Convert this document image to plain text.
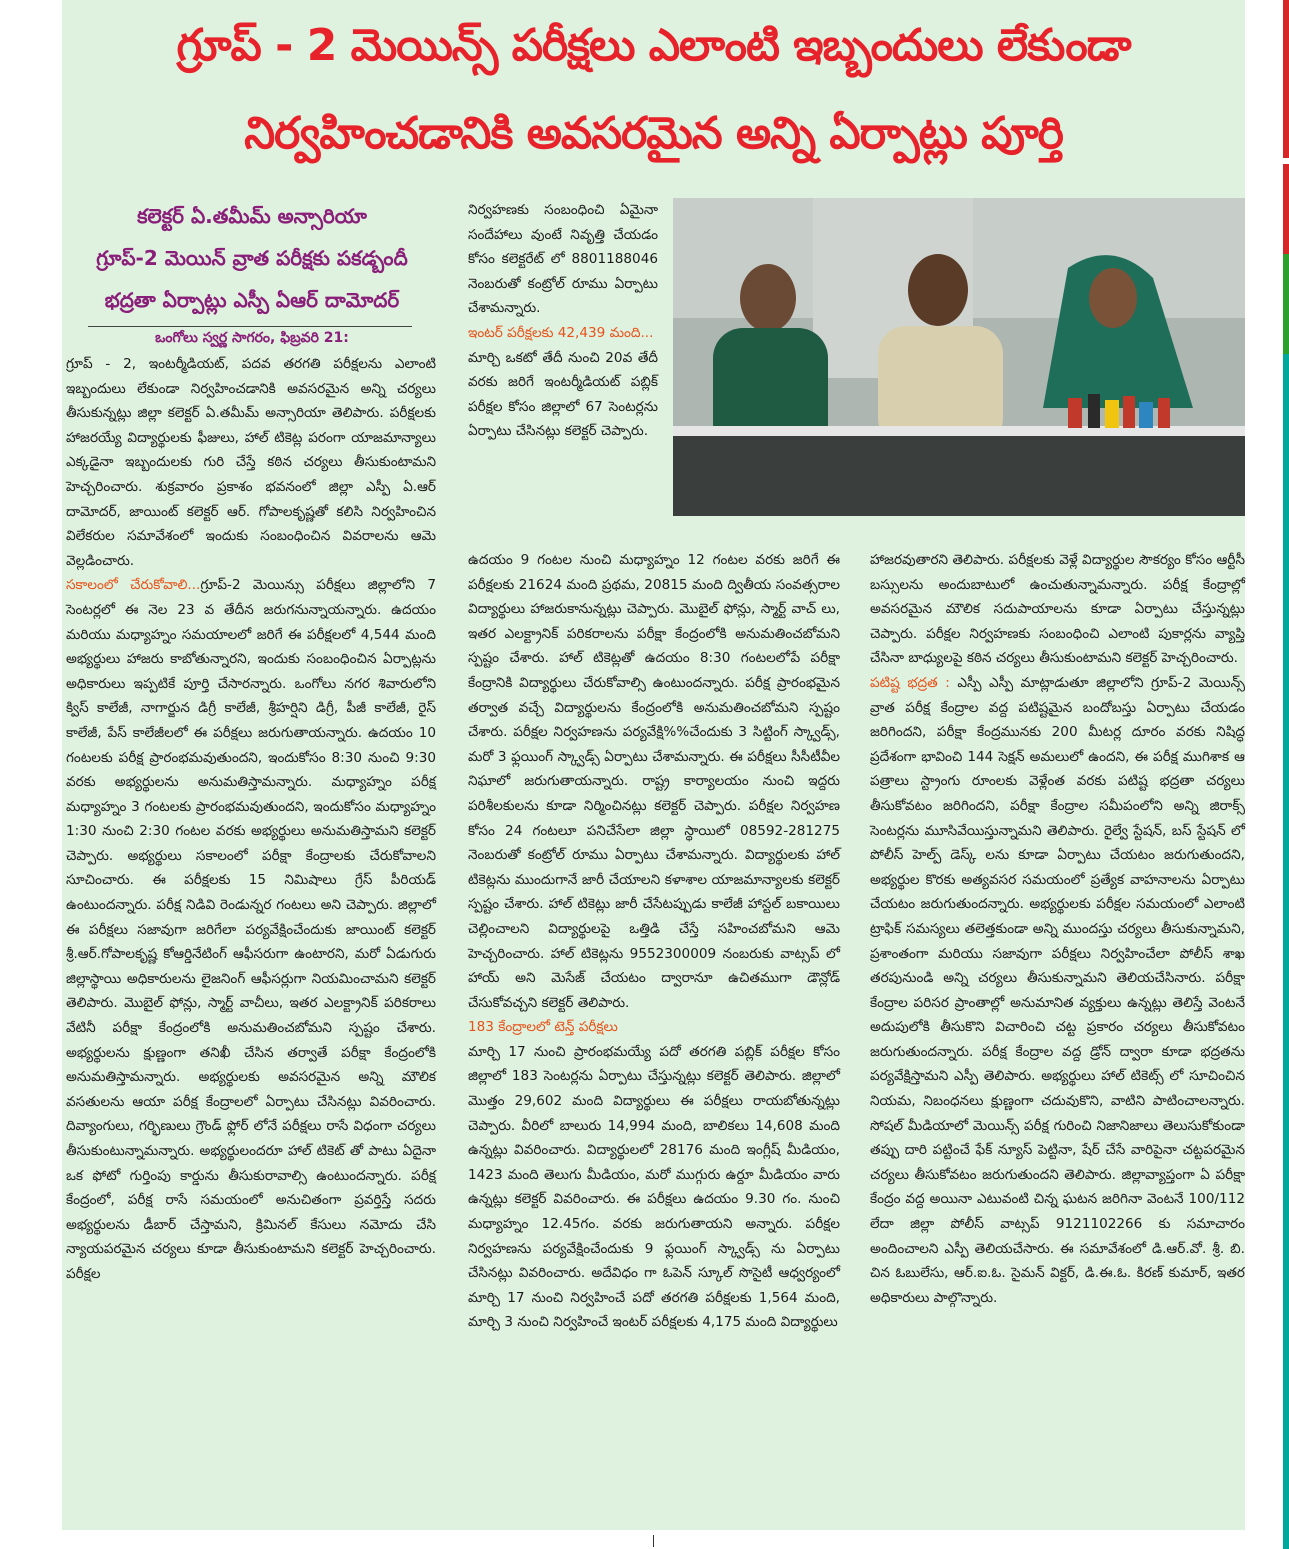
గ్రూప్ - 2 మెయిన్స్ పరీక్షలు ఎలాంటి ఇబ్బందులు లేకుండా
నిర్వహించడానికి అవసరమైన అన్ని ఏర్పాట్లు పూర్తి
కలెక్టర్ ఏ.తమీమ్ అన్సారియా
గ్రూప్-2 మెయిన్ వ్రాత పరీక్షకు పకడ్బందీ
భద్రతా ఏర్పాట్లు ఎస్పీ ఏఆర్ దామోదర్
ఒంగోలు స్వర్ణ సాగరం, ఫిబ్రవరి 21:

గ్రూప్ - 2, ఇంటర్మీడియట్, పదవ తరగతి పరీక్షలను ఎలాంటి ఇబ్బందులు లేకుండా నిర్వహించడానికి అవసరమైన అన్ని చర్యలు తీసుకున్నట్లు జిల్లా కలెక్టర్ ఏ.తమీమ్ అన్సారియా తెలిపారు. పరీక్షలకు హాజరయ్యే విద్యార్థులకు ఫీజులు, హాల్ టికెట్ల పరంగా యాజమాన్యాలు ఎక్కడైనా ఇబ్బందులకు గురి చేస్తే కఠిన చర్యలు తీసుకుంటామని హెచ్చరించారు. శుక్రవారం ప్రకాశం భవనంలో జిల్లా ఎస్పీ ఏ.ఆర్ దామోదర్, జాయింట్ కలెక్టర్ ఆర్. గోపాలకృష్ణతో కలిసి నిర్వహించిన విలేకరుల సమావేశంలో ఇందుకు సంబంధించిన వివరాలను ఆమె వెల్లడించారు.

సకాలంలో చేరుకోవాలి...గ్రూప్-2 మెయిన్సు పరీక్షలు జిల్లాలోని 7 సెంటర్లలో ఈ నెల 23 వ తేదీన జరుగనున్నాయన్నారు. ఉదయం మరియు మధ్యాహ్నం సమయాలలో జరిగే ఈ పరీక్షలలో 4,544 మంది అభ్యర్థులు హాజరు కాబోతున్నారని, ఇందుకు సంబంధించిన ఏర్పాట్లను అధికారులు ఇప్పటికే పూర్తి చేసారన్నారు. ఒంగోలు నగర శివారులోని క్విస్ కాలేజీ, నాగార్జున డిగ్రీ కాలేజీ, శ్రీహర్షిని డిగ్రీ, పీజీ కాలేజీ, రైస్ కాలేజీ, పేస్ కాలేజీలలో ఈ పరీక్షలు జరుగుతాయన్నారు. ఉదయం 10 గంటలకు పరీక్ష ప్రారంభమవుతుందని, ఇందుకోసం 8:30 నుంచి 9:30 వరకు అభ్యర్థులను అనుమతిస్తామన్నారు. మధ్యాహ్నం పరీక్ష మధ్యాహ్నం 3 గంటలకు ప్రారంభమవుతుందని, ఇందుకోసం మధ్యాహ్నం 1:30 నుంచి 2:30 గంటల వరకు అభ్యర్థులు అనుమతిస్తామని కలెక్టర్ చెప్పారు. అభ్యర్థులు సకాలంలో పరీక్షా కేంద్రాలకు చేరుకోవాలని సూచించారు. ఈ పరీక్షలకు 15 నిమిషాలు గ్రేస్ పీరియడ్ ఉంటుందన్నారు. పరీక్ష నిడివి రెండున్నర గంటలు అని చెప్పారు. జిల్లాలో ఈ పరీక్షలు సజావుగా జరిగేలా పర్యవేక్షించేందుకు జాయింట్ కలెక్టర్ శ్రీ.ఆర్.గోపాలకృష్ణ కోఆర్డినేటింగ్ ఆఫీసరుగా ఉంటారని, మరో ఏడుగురు జిల్లాస్థాయి అధికారులను లైజనింగ్ ఆఫీసర్లుగా నియమించామని కలెక్టర్ తెలిపారు. మొబైల్ ఫోన్లు, స్మార్ట్ వాచీలు, ఇతర ఎలక్ట్రానిక్ పరికరాలు వేటినీ పరీక్షా కేంద్రంలోకి అనుమతించబోమని స్పష్టం చేశారు. అభ్యర్థులను క్షుణ్ణంగా తనిఖీ చేసిన తర్వాతే పరీక్షా కేంద్రంలోకి అనుమతిస్తామన్నారు. అభ్యర్థులకు అవసరమైన అన్ని మౌలిక వసతులను ఆయా పరీక్ష కేంద్రాలలో ఏర్పాటు చేసినట్లు వివరించారు. దివ్యాంగులు, గర్భిణులు గ్రౌండ్ ఫ్లోర్ లోనే పరీక్షలు రాసే విధంగా చర్యలు తీసుకుంటున్నామన్నారు. అభ్యర్థులందరూ హాల్ టికెట్ తో పాటు ఏదైనా ఒక ఫోటో గుర్తింపు కార్డును తీసుకురావాల్సి ఉంటుందన్నారు. పరీక్ష కేంద్రంలో, పరీక్ష రాసే సమయంలో అనుచితంగా ప్రవర్తిస్తే సదరు అభ్యర్థులను డీబార్ చేస్తామని, క్రిమినల్ కేసులు నమోదు చేసి న్యాయపరమైన చర్యలు కూడా తీసుకుంటామని కలెక్టర్ హెచ్చరించారు. పరీక్షల

నిర్వహణకు సంబంధించి ఏమైనా సందేహాలు వుంటే నివృత్తి చేయడం కోసం కలెక్టరేట్ లో 8801188046 నెంబరుతో కంట్రోల్ రూము ఏర్పాటు చేశామన్నారు.

ఇంటర్ పరీక్షలకు 42,439 మంది...

మార్చి ఒకటో తేదీ నుంచి 20వ తేదీ వరకు జరిగే ఇంటర్మీడియట్ పబ్లిక్ పరీక్షల కోసం జిల్లాలో 67 సెంటర్లను ఏర్పాటు చేసినట్లు కలెక్టర్ చెప్పారు.

ఉదయం 9 గంటల నుంచి మధ్యాహ్నం 12 గంటల వరకు జరిగే ఈ పరీక్షలకు 21624 మంది ప్రథమ, 20815 మంది ద్వితీయ సంవత్సరాల విద్యార్థులు హాజరుకానున్నట్లు చెప్పారు. మొబైల్ ఫోన్లు, స్మార్ట్ వాచ్ లు, ఇతర ఎలక్ట్రానిక్ పరికరాలను పరీక్షా కేంద్రంలోకి అనుమతించబోమని స్పష్టం చేశారు. హాల్ టికెట్లతో ఉదయం 8:30 గంటలలోపే పరీక్షా కేంద్రానికి విద్యార్థులు చేరుకోవాల్సి ఉంటుందన్నారు. పరీక్ష ప్రారంభమైన తర్వాత వచ్చే విద్యార్థులను కేంద్రంలోకి అనుమతించబోమని స్పష్టం చేశారు. పరీక్షల నిర్వహణను పర్యవేక్షి%%చేందుకు 3 సిట్టింగ్ స్క్వాడ్స్, మరో 3 ఫ్లయింగ్ స్క్వాడ్స్ ఏర్పాటు చేశామన్నారు. ఈ పరీక్షలు సీసీటీవీల నిఘాలో జరుగుతాయన్నారు. రాష్ట్ర కార్యాలయం నుంచి ఇద్దరు పరిశీలకులను కూడా నిర్మించినట్లు కలెక్టర్ చెప్పారు. పరీక్షల నిర్వహణ కోసం 24 గంటలూ పనిచేసేలా జిల్లా స్థాయిలో 08592-281275 నెంబరుతో కంట్రోల్ రూము ఏర్పాటు చేశామన్నారు. విద్యార్థులకు హాల్ టికెట్లను ముందుగానే జారీ చేయాలని కళాశాల యాజమాన్యాలకు కలెక్టర్ స్పష్టం చేశారు. హాల్ టికెట్లు జారీ చేసేటప్పుడు కాలేజీ హాస్టల్ బకాయిలు చెల్లించాలని విద్యార్థులపై ఒత్తిడి చేస్తే సహించబోమని ఆమె హెచ్చరించారు. హాల్ టికెట్లను 9552300009 నంబరుకు వాట్సప్ లో హాయ్ అని మెసేజ్ చేయటం ద్వారానూ ఉచితముగా డౌన్లోడ్ చేసుకోవచ్చని కలెక్టర్ తెలిపారు.

183 కేంద్రాలలో టెన్త్ పరీక్షలు

మార్చి 17 నుంచి ప్రారంభమయ్యే పదో తరగతి పబ్లిక్ పరీక్షల కోసం జిల్లాలో 183 సెంటర్లను ఏర్పాటు చేస్తున్నట్లు కలెక్టర్ తెలిపారు. జిల్లాలో మొత్తం 29,602 మంది విద్యార్థులు ఈ పరీక్షలు రాయబోతున్నట్లు చెప్పారు. వీరిలో బాలురు 14,994 మంది, బాలికలు 14,608 మంది ఉన్నట్లు వివరించారు. విద్యార్థులలో 28176 మంది ఇంగ్లీష్ మీడియం, 1423 మంది తెలుగు మీడియం, మరో ముగ్గురు ఉర్దూ మీడియం వారు ఉన్నట్లు కలెక్టర్ వివరించారు. ఈ పరీక్షలు ఉదయం 9.30 గం. నుంచి మధ్యాహ్నం 12.45గం. వరకు జరుగుతాయని అన్నారు. పరీక్షల నిర్వహణను పర్యవేక్షించేందుకు 9 ఫ్లయింగ్ స్క్వాడ్స్ ను ఏర్పాటు చేసినట్లు వివరించారు. అదేవిధం గా ఓపెన్ స్కూల్ సొసైటీ ఆధ్వర్యంలో మార్చి 17 నుంచి నిర్వహించే పదో తరగతి పరీక్షలకు 1,564 మంది, మార్చి 3 నుంచి నిర్వహించే ఇంటర్ పరీక్షలకు 4,175 మంది విద్యార్థులు

హాజరవుతారని తెలిపారు. పరీక్షలకు వెళ్లే విద్యార్థుల సౌకర్యం కోసం ఆర్టీసీ బస్సులను అందుబాటులో ఉంచుతున్నామన్నారు. పరీక్ష కేంద్రాల్లో అవసరమైన మౌలిక సదుపాయాలను కూడా ఏర్పాటు చేస్తున్నట్లు చెప్పారు. పరీక్షల నిర్వహణకు సంబంధించి ఎలాంటి పుకార్లను వ్యాప్తి చేసినా బాధ్యులపై కఠిన చర్యలు తీసుకుంటామని కలెక్టర్ హెచ్చరించారు.

పటిష్ట భద్రత : ఎస్పీ ఎస్పీ మాట్లాడుతూ జిల్లాలోని గ్రూప్-2 మెయిన్స్ వ్రాత పరీక్ష కేంద్రాల వద్ద పటిష్టమైన బందోబస్తు ఏర్పాటు చేయడం జరిగిందని, పరీక్షా కేంద్రమునకు 200 మీటర్ల దూరం వరకు నిషిద్ధ ప్రదేశంగా భావించి 144 సెక్షన్ అమలులో ఉందని, ఈ పరీక్ష ముగిశాక ఆ పత్రాలు స్ట్రాంగు రూంలకు వెళ్లేంత వరకు పటిష్ట భద్రతా చర్యలు తీసుకోవటం జరిగిందని, పరీక్షా కేంద్రాల సమీపంలోని అన్ని జిరాక్స్ సెంటర్లను మూసివేయిస్తున్నామని తెలిపారు. రైల్వే స్టేషన్, బస్ స్టేషన్ లో పోలీస్ హెల్ప్ డెస్క్ లను కూడా ఏర్పాటు చేయటం జరుగుతుందని, అభ్యర్థుల కొరకు అత్యవసర సమయంలో ప్రత్యేక వాహనాలను ఏర్పాటు చేయటం జరుగుతుందన్నారు. అభ్యర్థులకు పరీక్షల సమయంలో ఎలాంటి ట్రాఫిక్ సమస్యలు తలెత్తకుండా అన్ని ముందస్తు చర్యలు తీసుకున్నామని, ప్రశాంతంగా మరియు సజావుగా పరీక్షలు నిర్వహించేలా పోలీస్ శాఖ తరపునుండి అన్ని చర్యలు తీసుకున్నామని తెలియచేసినారు. పరీక్షా కేంద్రాల పరిసర ప్రాంతాల్లో అనుమానిత వ్యక్తులు ఉన్నట్లు తెలిస్తే వెంటనే అదుపులోకి తీసుకొని విచారించి చట్ట ప్రకారం చర్యలు తీసుకోవటం జరుగుతుందన్నారు. పరీక్ష కేంద్రాల వద్ద డ్రోన్ ద్వారా కూడా భద్రతను పర్యవేక్షిస్తామని ఎస్పీ తెలిపారు. అభ్యర్థులు హాల్ టికెట్స్ లో సూచించిన నియమ, నిబంధనలు క్షుణ్ణంగా చదువుకొని, వాటిని పాటించాలన్నారు. సోషల్ మీడియాలో మెయిన్స్ పరీక్ష గురించి నిజానిజాలు తెలుసుకోకుండా తప్పు దారి పట్టించే ఫేక్ న్యూస్ పెట్టినా, షేర్ చేసే వారిపైనా చట్టపరమైన చర్యలు తీసుకోవటం జరుగుతుందని తెలిపారు. జిల్లావ్యాప్తంగా ఏ పరీక్షా కేంద్రం వద్ద అయినా ఎటువంటి చిన్న ఘటన జరిగినా వెంటనే 100/112 లేదా జిల్లా పోలీస్ వాట్సప్ 9121102266 కు సమాచారం అందించాలని ఎస్పీ తెలియచేసారు. ఈ సమావేశంలో డి.ఆర్.వో. శ్రీ. బి. చిన ఓబులేసు, ఆర్.ఐ.ఓ. సైమన్ విక్టర్, డి.ఈ.ఓ. కిరణ్ కుమార్, ఇతర అధికారులు పాల్గొన్నారు.
